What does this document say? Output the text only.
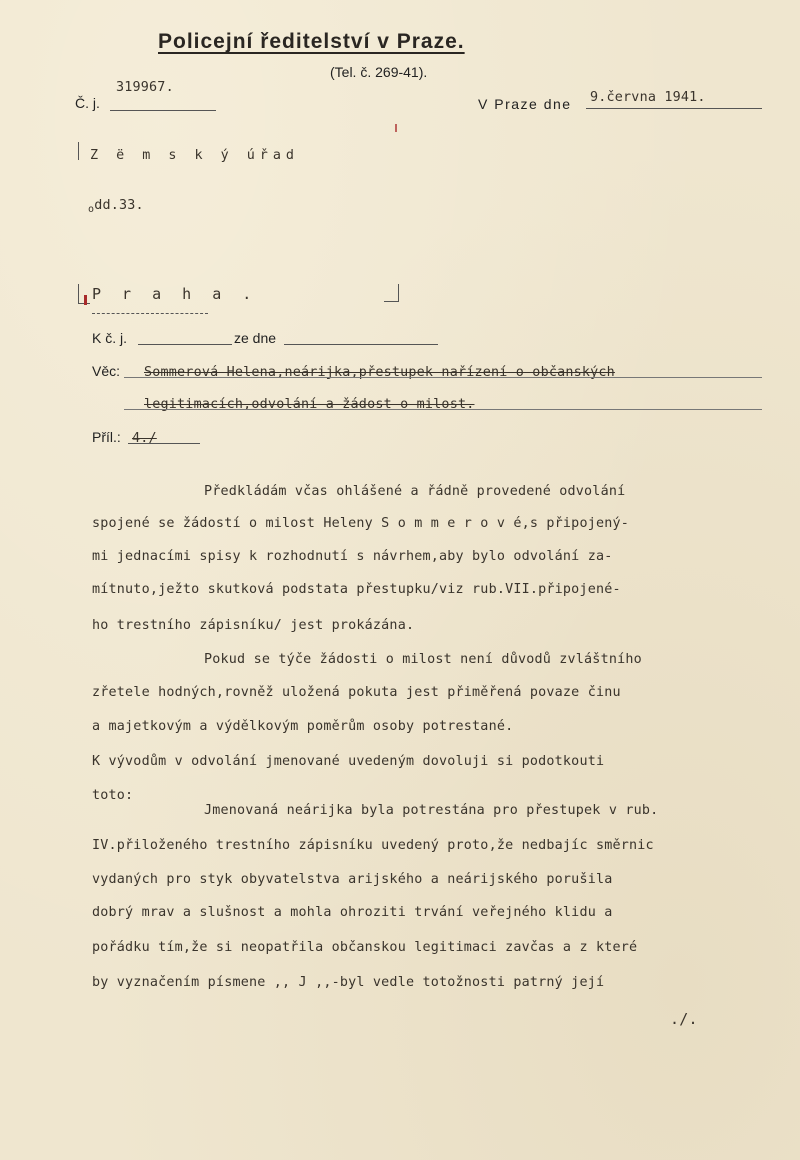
Policejní ředitelství v Praze.
(Tel. č. 269-41).
319967.
Č. j.	V Praze dne 9.června 1941.
Z ë m s k ý úřad
$_o$dd.33.
P r a h a .
K č. j.	ze dne
Věc: Sommerová Helena,neárijka,přestupek nařízení o občanských
legitimacích,odvolání a žádost o milost.
Příl.: 4./
Předkládám včas ohlášené a řádně provedené odvolání
spojené se žádostí o milost Heleny S o m m e r o v é,s připojený-
mi jednacími spisy k rozhodnutí s návrhem,aby bylo odvolání za-
mítnuto,ježto skutková podstata přestupku/viz rub.VII.připojené-
ho trestního zápisníku/ jest prokázána.
Pokud se týče žádosti o milost není důvodů zvláštního
zřetele hodných,rovněž uložená pokuta jest přiměřená povaze činu
a majetkovým a výdělkovým poměrům osoby potrestané.
K vývodům v odvolání jmenované uvedeným dovoluji si podotkouti
toto:
Jmenovaná neárijka byla potrestána pro přestupek v rub.
IV.přiloženého trestního zápisníku uvedený proto,že nedbajíc směrnic
vydaných pro styk obyvatelstva arijského a neárijského porušila
dobrý mrav a slušnost a mohla ohroziti trvání veřejného klidu a
pořádku tím,že si neopatřila občanskou legitimaci zavčas a z které
by vyznačením písmene ,, J ,,-byl vedle totožnosti patrný její
./.
